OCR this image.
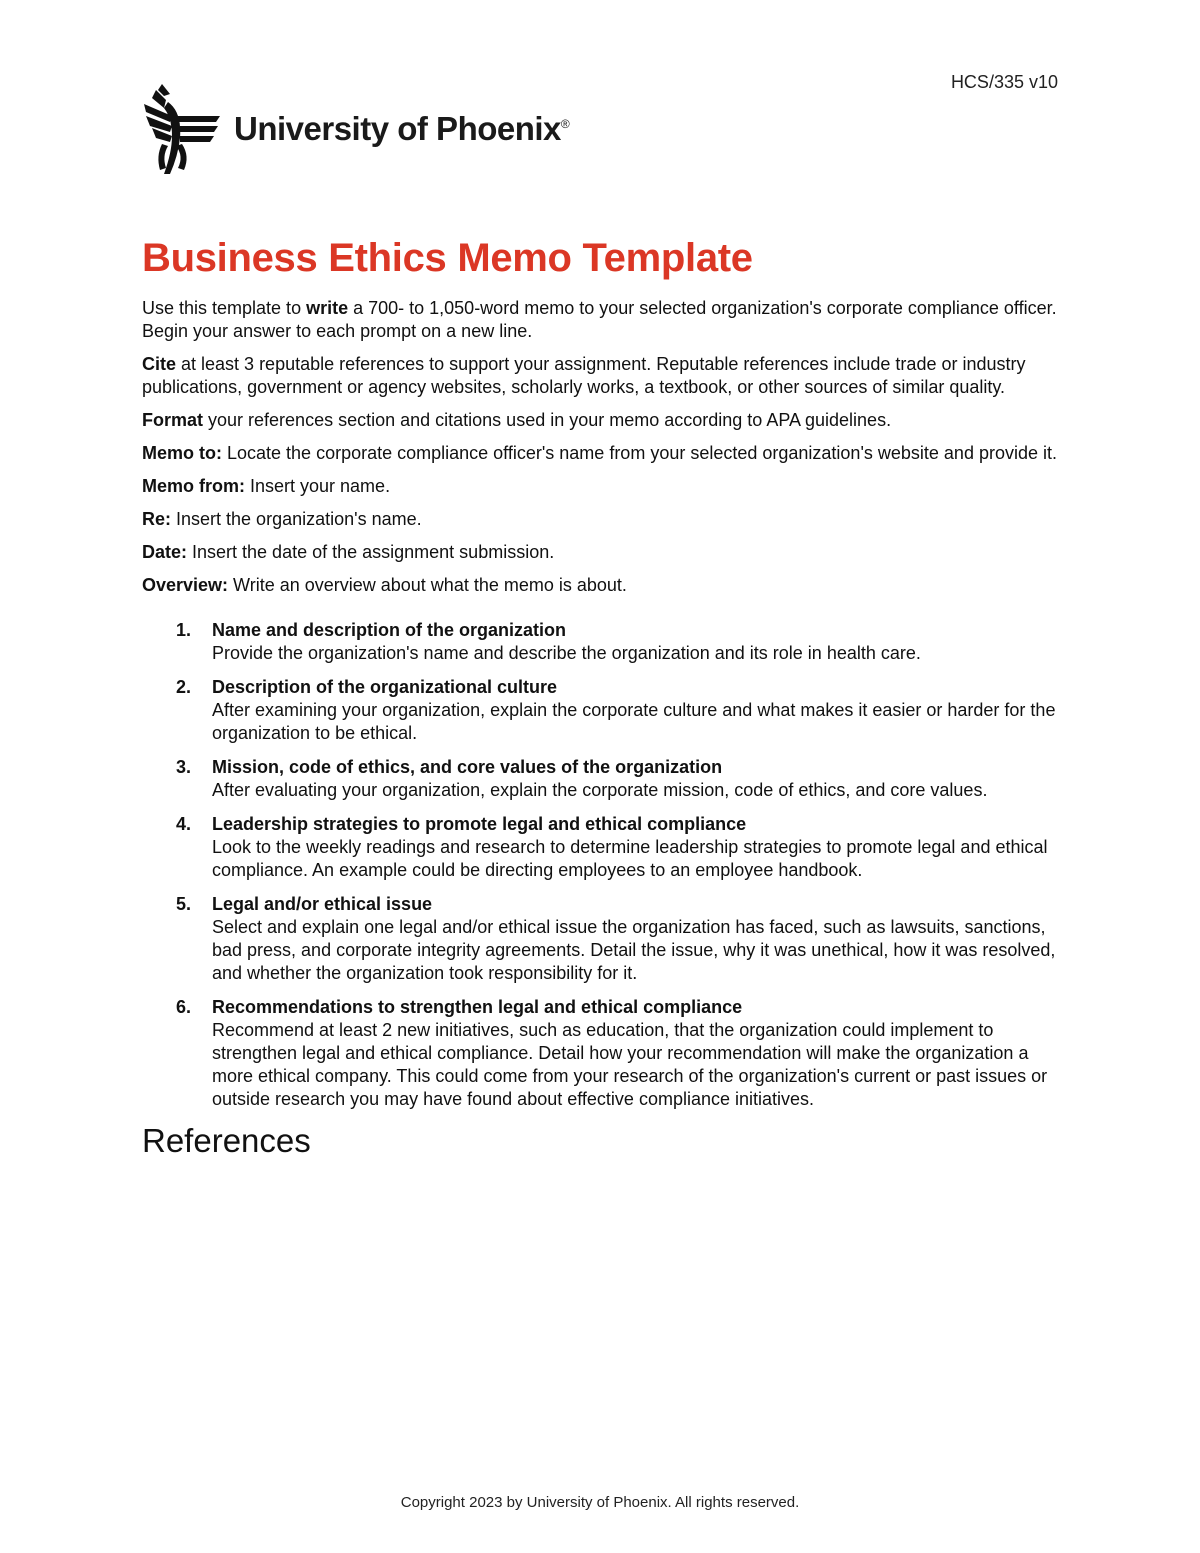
HCS/335 v10
University of Phoenix®
Business Ethics Memo Template

Use this template to write a 700- to 1,050-word memo to your selected organization's corporate compliance officer. Begin your answer to each prompt on a new line.

Cite at least 3 reputable references to support your assignment. Reputable references include trade or industry publications, government or agency websites, scholarly works, a textbook, or other sources of similar quality.

Format your references section and citations used in your memo according to APA guidelines.

Memo to: Locate the corporate compliance officer's name from your selected organization's website and provide it.

Memo from: Insert your name.

Re: Insert the organization's name.

Date: Insert the date of the assignment submission.

Overview: Write an overview about what the memo is about.

1. Name and description of the organization
Provide the organization's name and describe the organization and its role in health care.
2. Description of the organizational culture
After examining your organization, explain the corporate culture and what makes it easier or harder for the organization to be ethical.
3. Mission, code of ethics, and core values of the organization
After evaluating your organization, explain the corporate mission, code of ethics, and core values.
4. Leadership strategies to promote legal and ethical compliance
Look to the weekly readings and research to determine leadership strategies to promote legal and ethical compliance. An example could be directing employees to an employee handbook.
5. Legal and/or ethical issue
Select and explain one legal and/or ethical issue the organization has faced, such as lawsuits, sanctions, bad press, and corporate integrity agreements. Detail the issue, why it was unethical, how it was resolved, and whether the organization took responsibility for it.
6. Recommendations to strengthen legal and ethical compliance
Recommend at least 2 new initiatives, such as education, that the organization could implement to strengthen legal and ethical compliance. Detail how your recommendation will make the organization a more ethical company. This could come from your research of the organization's current or past issues or outside research you may have found about effective compliance initiatives.
References
Copyright 2023 by University of Phoenix. All rights reserved.
